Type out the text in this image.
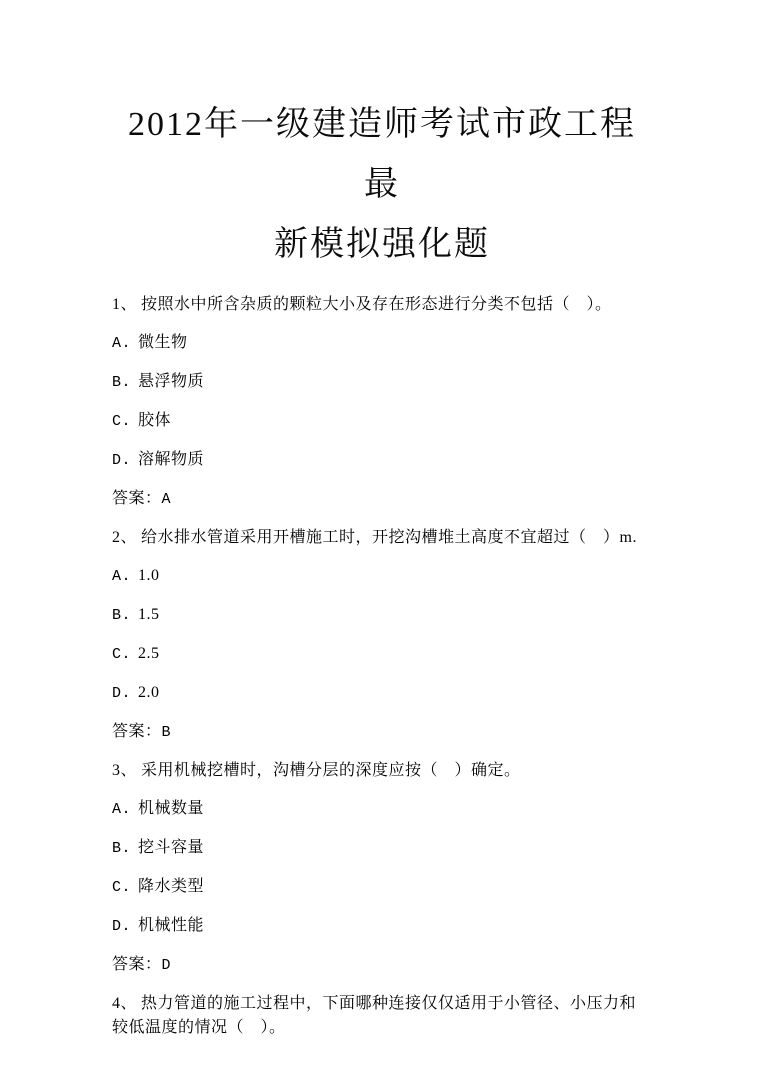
2012年一级建造师考试市政工程最
新模拟强化题

1、 按照水中所含杂质的颗粒大小及存在形态进行分类不包括（　）。

A. 微生物

B. 悬浮物质

C. 胶体

D. 溶解物质

答案：A

2、 给水排水管道采用开槽施工时，开挖沟槽堆土高度不宜超过（　）m.

A. 1.0

B. 1.5

C. 2.5

D. 2.0

答案：B

3、 采用机械挖槽时，沟槽分层的深度应按（　）确定。

A. 机械数量

B. 挖斗容量

C. 降水类型

D. 机械性能

答案：D

4、 热力管道的施工过程中，下面哪种连接仅仅适用于小管径、小压力和较低温度的情况（　）。
